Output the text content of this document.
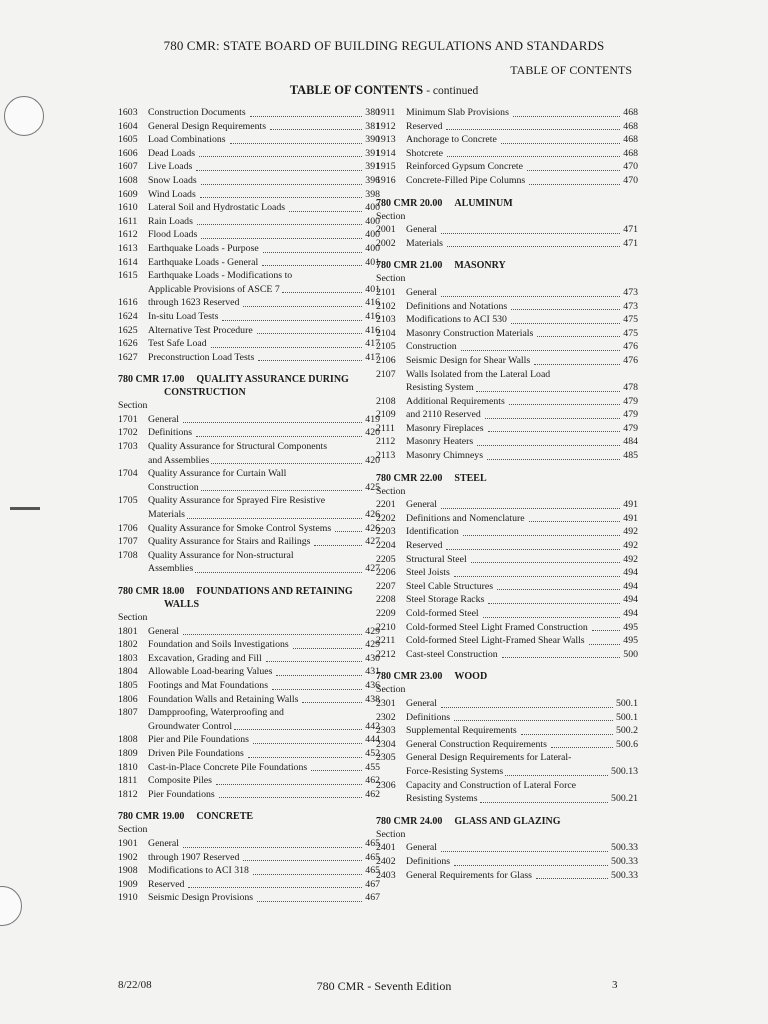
780 CMR: STATE BOARD OF BUILDING REGULATIONS AND STANDARDS
TABLE OF CONTENTS
TABLE OF CONTENTS - continued
1603	Construction Documents	380
1604	General Design Requirements	381
1605	Load Combinations	390
1606	Dead Loads	391
1607	Live Loads	391
1608	Snow Loads	396
1609	Wind Loads	398
1610	Lateral Soil and Hydrostatic Loads	400
1611	Rain Loads	400
1612	Flood Loads	400
1613	Earthquake Loads - Purpose	400
1614	Earthquake Loads - General	401
1615	Earthquake Loads - Modifications to
Applicable Provisions of ASCE 7	401
1616	through 1623 Reserved	416
1624	In-situ Load Tests	416
1625	Alternative Test Procedure	416
1626	Test Safe Load	417
1627	Preconstruction Load Tests	417
780 CMR 17.00 QUALITY ASSURANCE DURING
CONSTRUCTION
Section
1701	General	419
1702	Definitions	420
1703	Quality Assurance for Structural Components
and Assemblies	420
1704	Quality Assurance for Curtain Wall
Construction	425
1705	Quality Assurance for Sprayed Fire Resistive
Materials	426
1706	Quality Assurance for Smoke Control Systems	426
1707	Quality Assurance for Stairs and Railings	427
1708	Quality Assurance for Non-structural
Assemblies	427
780 CMR 18.00 FOUNDATIONS AND RETAINING
WALLS
Section
1801	General	429
1802	Foundation and Soils Investigations	429
1803	Excavation, Grading and Fill	430
1804	Allowable Load-bearing Values	431
1805	Footings and Mat Foundations	436
1806	Foundation Walls and Retaining Walls	438
1807	Dampproofing, Waterproofing and
Groundwater Control	442
1808	Pier and Pile Foundations	444
1809	Driven Pile Foundations	452
1810	Cast-in-Place Concrete Pile Foundations	455
1811	Composite Piles	462
1812	Pier Foundations	462
780 CMR 19.00 CONCRETE
Section
1901	General	465
1902	through 1907 Reserved	465
1908	Modifications to ACI 318	465
1909	Reserved	467
1910	Seismic Design Provisions	467
1911	Minimum Slab Provisions	468
1912	Reserved	468
1913	Anchorage to Concrete	468
1914	Shotcrete	468
1915	Reinforced Gypsum Concrete	470
1916	Concrete-Filled Pipe Columns	470
780 CMR 20.00 ALUMINUM
Section
2001	General	471
2002	Materials	471
780 CMR 21.00 MASONRY
Section
2101	General	473
2102	Definitions and Notations	473
2103	Modifications to ACI 530	475
2104	Masonry Construction Materials	475
2105	Construction	476
2106	Seismic Design for Shear Walls	476
2107	Walls Isolated from the Lateral Load
Resisting System	478
2108	Additional Requirements	479
2109	and 2110 Reserved	479
2111	Masonry Fireplaces	479
2112	Masonry Heaters	484
2113	Masonry Chimneys	485
780 CMR 22.00 STEEL
Section
2201	General	491
2202	Definitions and Nomenclature	491
2203	Identification	492
2204	Reserved	492
2205	Structural Steel	492
2206	Steel Joists	494
2207	Steel Cable Structures	494
2208	Steel Storage Racks	494
2209	Cold-formed Steel	494
2210	Cold-formed Steel Light Framed Construction	495
2211	Cold-formed Steel Light-Framed Shear Walls	495
2212	Cast-steel Construction	500
780 CMR 23.00 WOOD
Section
2301	General	500.1
2302	Definitions	500.1
2303	Supplemental Requirements	500.2
2304	General Construction Requirements	500.6
2305	General Design Requirements for Lateral-
Force-Resisting Systems	500.13
2306	Capacity and Construction of Lateral Force
Resisting Systems	500.21
780 CMR 24.00 GLASS AND GLAZING
Section
2401	General	500.33
2402	Definitions	500.33
2403	General Requirements for Glass	500.33
8/22/08	780 CMR - Seventh Edition	3
